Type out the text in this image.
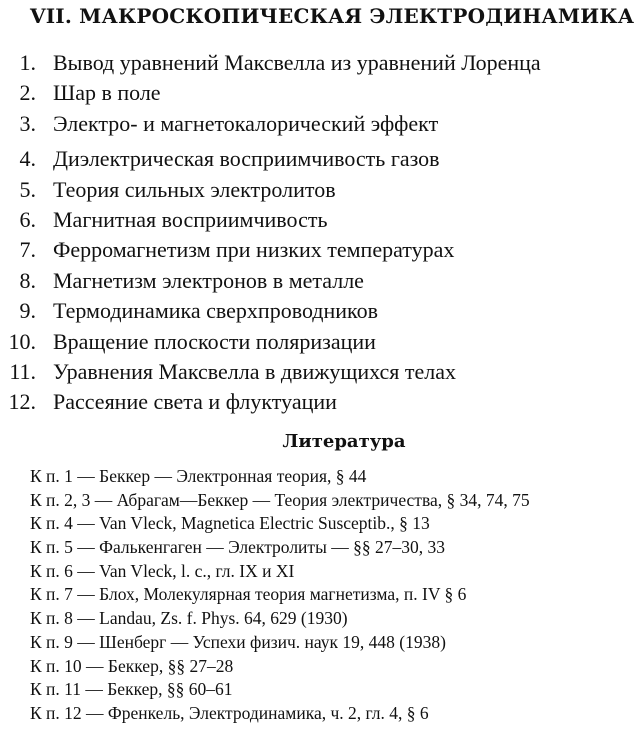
VII. МАКРОСКОПИЧЕСКАЯ ЭЛЕКТРОДИНАМИКА
1. Вывод уравнений Максвелла из уравнений Лоренца
2. Шар в поле
3. Электро- и магнетокалорический эффект
4. Диэлектрическая восприимчивость газов
5. Теория сильных электролитов
6. Магнитная восприимчивость
7. Ферромагнетизм при низких температурах
8. Магнетизм электронов в металле
9. Термодинамика сверхпроводников
10. Вращение плоскости поляризации
11. Уравнения Максвелла в движущихся телах
12. Рассеяние света и флуктуации
Литература
К п. 1 — Беккер — Электронная теория, § 44
К п. 2, 3 — Абрагам—Беккер — Теория электричества, § 34, 74, 75
К п. 4 — Van Vleck, Magnetica Electric Susceptib., § 13
К п. 5 — Фалькенгаген — Электролиты — §§ 27–30, 33
К п. 6 — Van Vleck, l. c., гл. IX и XI
К п. 7 — Блох, Молекулярная теория магнетизма, п. IV § 6
К п. 8 — Landau, Zs. f. Phys. 64, 629 (1930)
К п. 9 — Шенберг — Успехи физич. наук 19, 448 (1938)
К п. 10 — Беккер, §§ 27–28
К п. 11 — Беккер, §§ 60–61
К п. 12 — Френкель, Электродинамика, ч. 2, гл. 4, § 6
